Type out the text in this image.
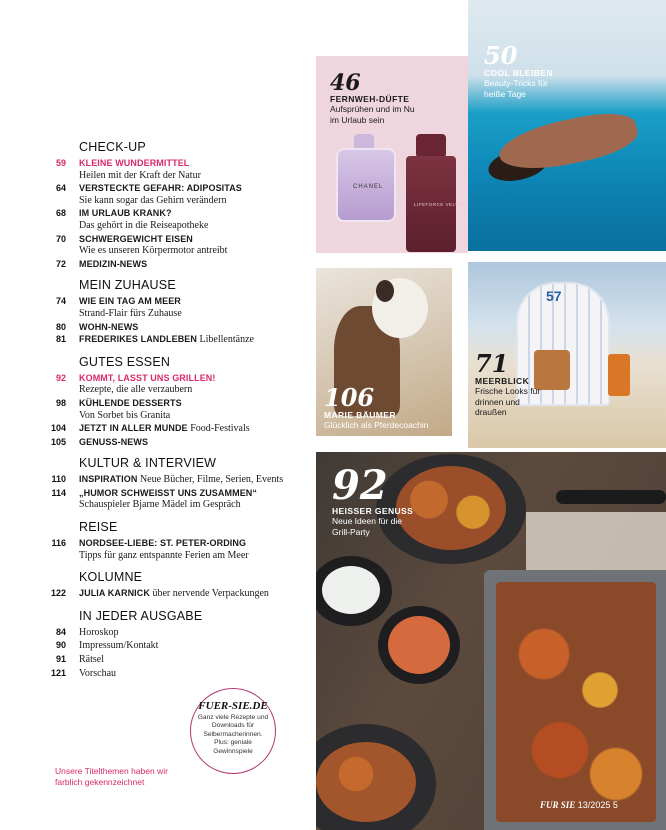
CHECK-UP
59 KLEINE WUNDERMITTEL
Heilen mit der Kraft der Natur
64 VERSTECKTE GEFAHR: ADIPOSITAS
Sie kann sogar das Gehirn verändern
68 IM URLAUB KRANK?
Das gehört in die Reiseapotheke
70 SCHWERGEWICHT EISEN
Wie es unseren Körpermotor antreibt
72 MEDIZIN-NEWS
MEIN ZUHAUSE
74 WIE EIN TAG AM MEER
Strand-Flair fürs Zuhause
80 WOHN-NEWS
81 FREDERIKES LANDLEBEN Libellentänze
GUTES ESSEN
92 KOMMT, LASST UNS GRILLEN!
Rezepte, die alle verzaubern
98 KÜHLENDE DESSERTS
Von Sorbet bis Granita
104 JETZT IN ALLER MUNDE Food-Festivals
105 GENUSS-NEWS
KULTUR & INTERVIEW
110 INSPIRATION Neue Bücher, Filme, Serien, Events
114 „HUMOR SCHWEISST UNS ZUSAMMEN“
Schauspieler Bjarne Mädel im Gespräch
REISE
116 NORDSEE-LIEBE: ST. PETER-ORDING
Tipps für ganz entspannte Ferien am Meer
KOLUMNE
122 JULIA KARNICK über nervende Verpackungen
IN JEDER AUSGABE
84 Horoskop
90 Impressum/Kontakt
91 Rätsel
121 Vorschau
Unsere Titelthemen haben wir farblich gekennzeichnet
FUER-SIE.DE
Ganz viele Rezepte und Downloads für Selbermacherinnen. Plus: geniale Gewinnspiele
CHANEL
LIFEFORCE VELVET
46
FERNWEH-DÜFTE
Aufsprühen und im Nu im Urlaub sein
50
COOL BLEIBEN
Beauty-Tricks für heiße Tage
106
MARIE BÄUMER
Glücklich als Pferdecoachin
57
71
MEERBLICK
Frische Looks für drinnen und draußen
92
HEISSER GENUSS
Neue Ideen für die Grill-Party
FUR SIE 13/2025 5
